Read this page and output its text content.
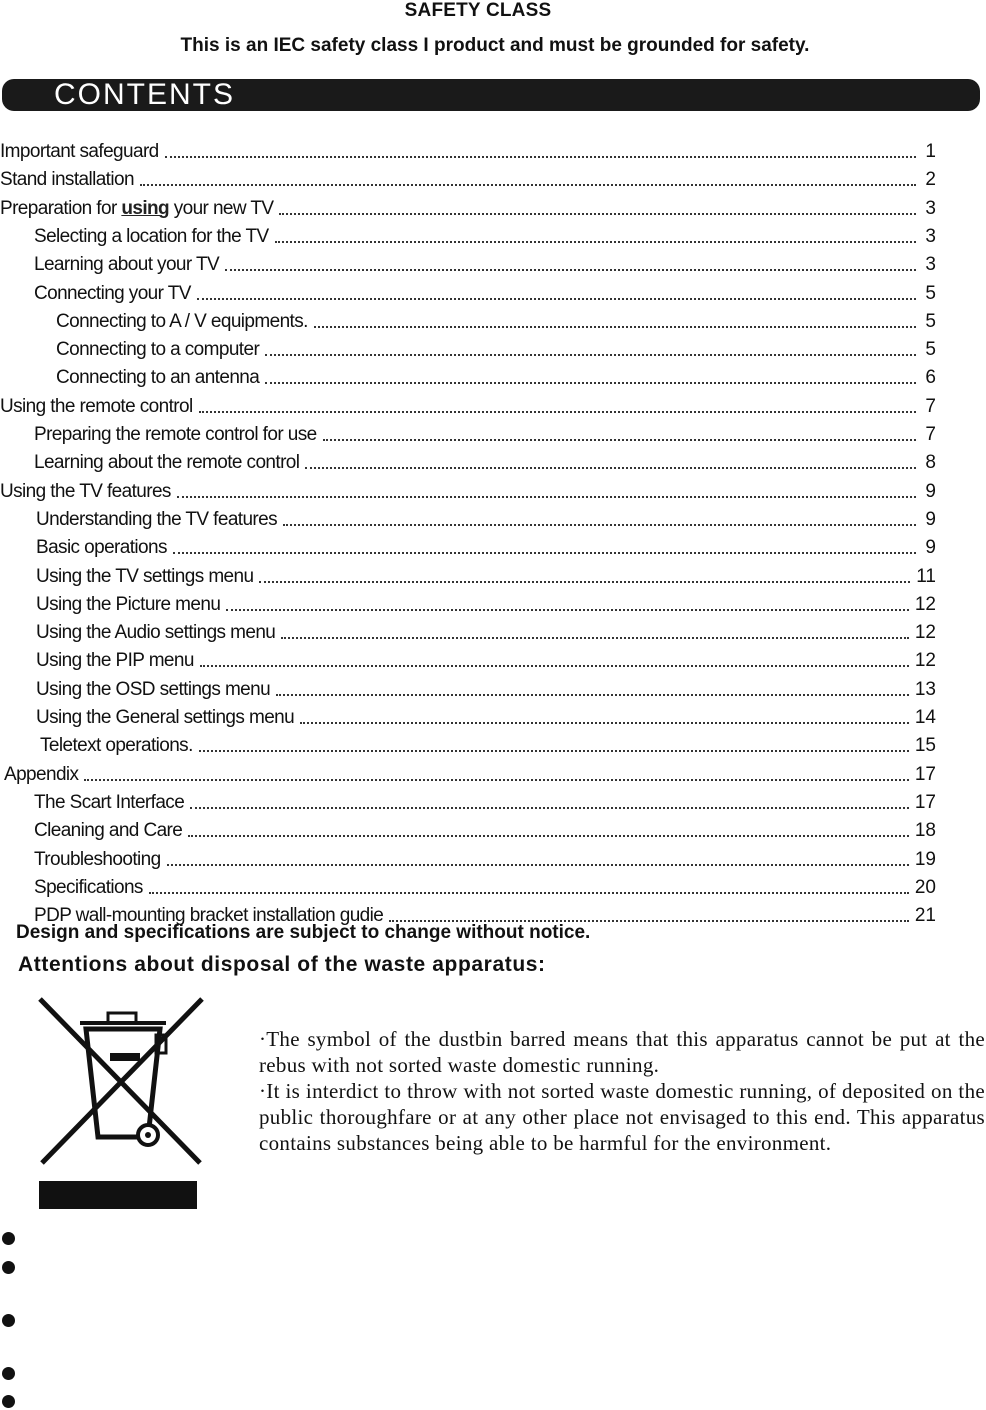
SAFETY CLASS
This is an IEC safety class I product and must be grounded for safety.
CONTENTS
Important safeguard	1
Stand installation	2
Preparation for using your new TV	3
Selecting a location for the TV	3
Learning about your TV	3
Connecting your TV	5
Connecting to A / V equipments.	5
Connecting to a computer	5
Connecting to an antenna	6
Using the remote control	7
Preparing the remote control for use	7
Learning about the remote control	8
Using the TV features	9
Understanding the TV features	9
Basic operations	9
Using the TV settings menu	11
Using the Picture menu	12
Using the Audio settings menu	12
Using the PIP menu	12
Using the OSD settings menu	13
Using the General settings menu	14
Teletext operations.	15
Appendix	17
The Scart Interface	17
Cleaning and Care	18
Troubleshooting	19
Specifications	20
PDP wall-mounting bracket installation gudie	21
Design and specifications are subject to change without notice.
Attentions about disposal of the waste apparatus:

·The symbol of the dustbin barred means that this apparatus cannot be put at the rebus with not sorted waste domestic running.

·It is interdict to throw with not sorted waste domestic running, of deposited on the public thoroughfare or at any other place not envisaged to this end. This apparatus contains substances being able to be harmful for the environment.
